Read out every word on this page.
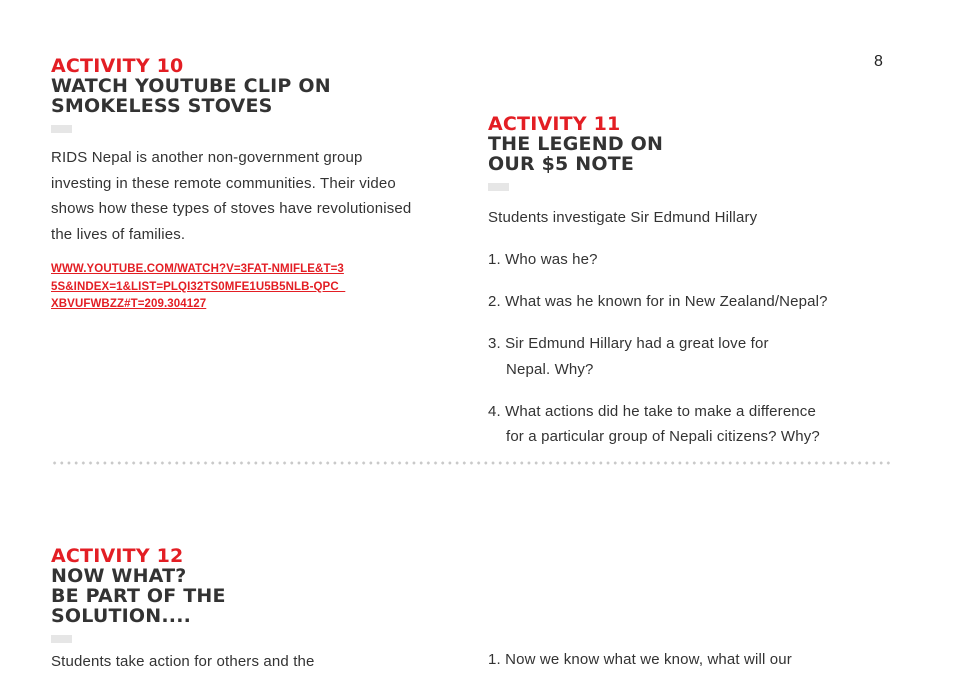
8
ACTIVITY 10
WATCH YOUTUBE CLIP ON
SMOKELESS STOVES
RIDS Nepal is another non-government group
investing in these remote communities. Their video
shows how these types of stoves have revolutionised
the lives of families.
WWW.YOUTUBE.COM/WATCH?V=3FAT-NMIFLE&T=3
5S&INDEX=1&LIST=PLQI32TS0MFE1U5B5NLB-QPC_
XBVUFWBZZ#T=209.304127
ACTIVITY 11
THE LEGEND ON
OUR $5 NOTE
Students investigate Sir Edmund Hillary
1. Who was he?
2. What was he known for in New Zealand/Nepal?
3. Sir Edmund Hillary had a great love for
Nepal. Why?
4. What actions did he take to make a difference
for a particular group of Nepali citizens? Why?
ACTIVITY 12
NOW WHAT?
BE PART OF THE
SOLUTION....
Students take action for others and the	1. Now we know what we know, what will our
